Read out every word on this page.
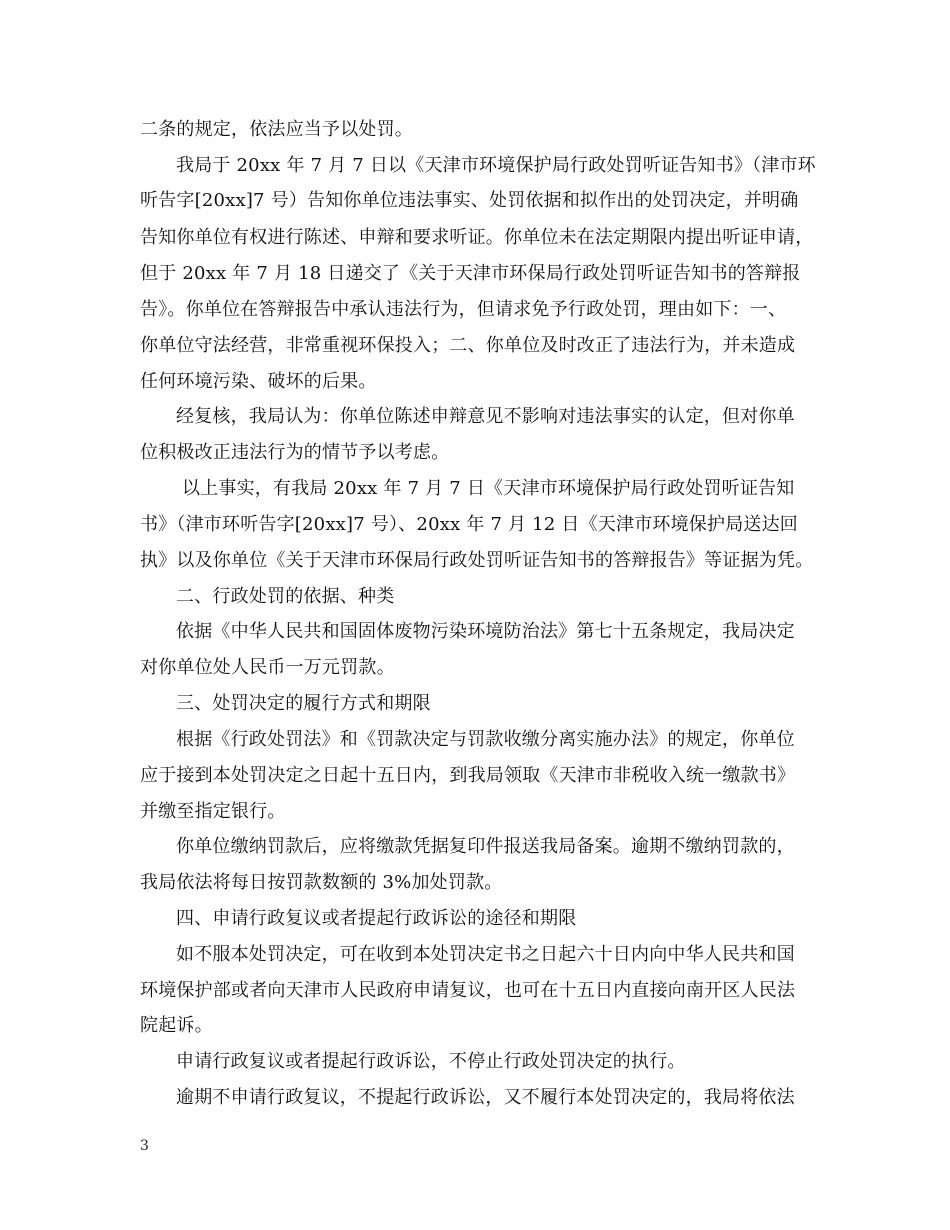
二条的规定，依法应当予以处罚。
我局于 20xx 年 7 月 7 日以《天津市环境保护局行政处罚听证告知书》（津市环
听告字[20xx]7 号）告知你单位违法事实、处罚依据和拟作出的处罚决定，并明确
告知你单位有权进行陈述、申辩和要求听证。你单位未在法定期限内提出听证申请，
但于 20xx 年 7 月 18 日递交了《关于天津市环保局行政处罚听证告知书的答辩报
告》。你单位在答辩报告中承认违法行为，但请求免予行政处罚，理由如下：一、
你单位守法经营，非常重视环保投入；二、你单位及时改正了违法行为，并未造成
任何环境污染、破坏的后果。
经复核，我局认为：你单位陈述申辩意见不影响对违法事实的认定，但对你单
位积极改正违法行为的情节予以考虑。
以上事实，有我局 20xx 年 7 月 7 日《天津市环境保护局行政处罚听证告知
书》（津市环听告字[20xx]7 号）、20xx 年 7 月 12 日《天津市环境保护局送达回
执》以及你单位《关于天津市环保局行政处罚听证告知书的答辩报告》等证据为凭。
二、行政处罚的依据、种类
依据《中华人民共和国固体废物污染环境防治法》第七十五条规定，我局决定
对你单位处人民币一万元罚款。
三、处罚决定的履行方式和期限
根据《行政处罚法》和《罚款决定与罚款收缴分离实施办法》的规定，你单位
应于接到本处罚决定之日起十五日内，到我局领取《天津市非税收入统一缴款书》
并缴至指定银行。
你单位缴纳罚款后，应将缴款凭据复印件报送我局备案。逾期不缴纳罚款的，
我局依法将每日按罚款数额的 3%加处罚款。
四、申请行政复议或者提起行政诉讼的途径和期限
如不服本处罚决定，可在收到本处罚决定书之日起六十日内向中华人民共和国
环境保护部或者向天津市人民政府申请复议，也可在十五日内直接向南开区人民法
院起诉。
申请行政复议或者提起行政诉讼，不停止行政处罚决定的执行。
逾期不申请行政复议，不提起行政诉讼，又不履行本处罚决定的，我局将依法
3
